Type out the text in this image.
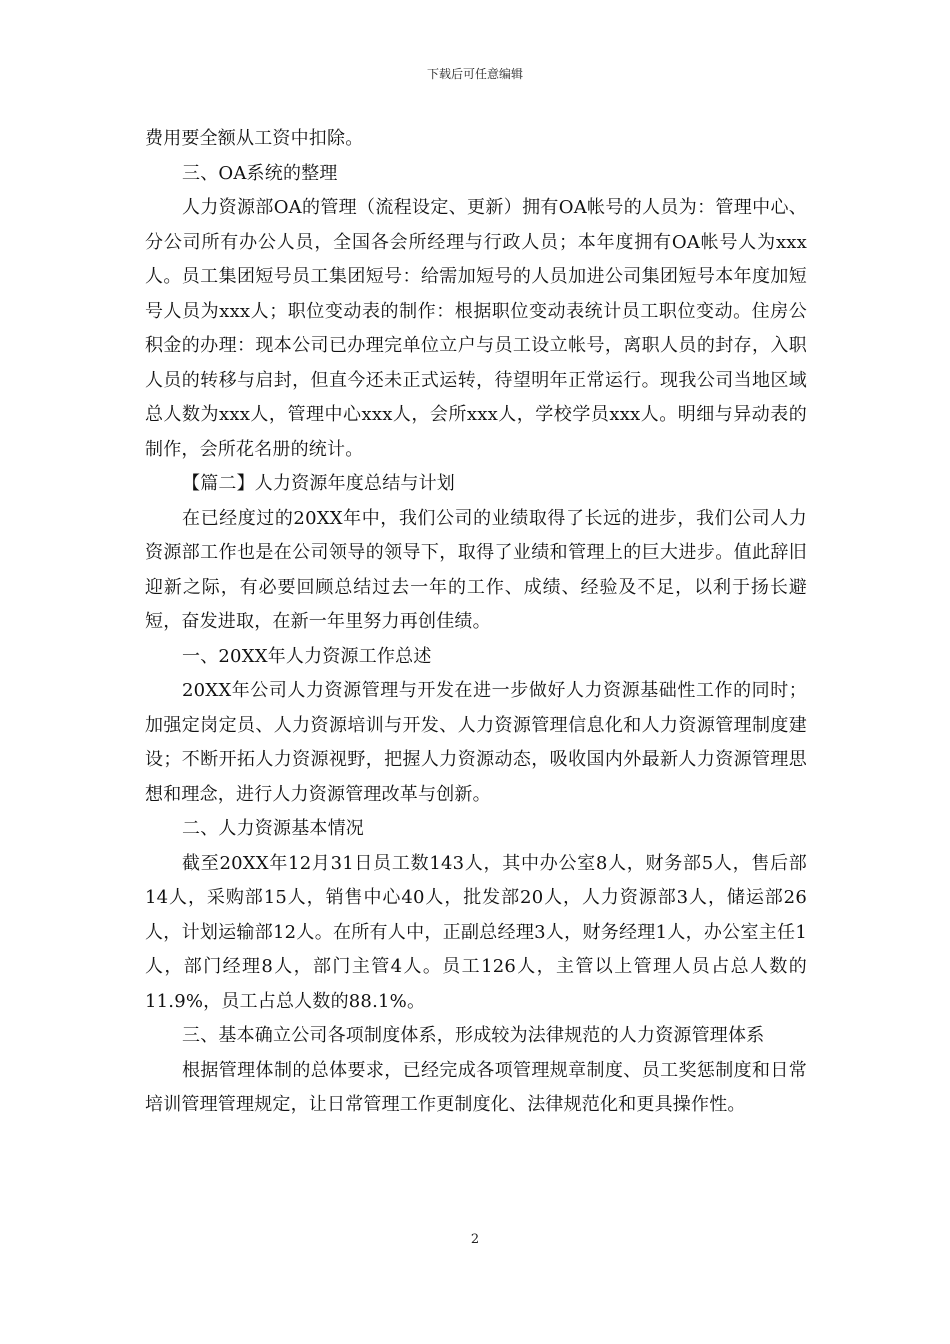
下载后可任意编辑

费用要全额从工资中扣除。

三、OA系统的整理

人力资源部OA的管理（流程设定、更新）拥有OA帐号的人员为：管理中心、分公司所有办公人员，全国各会所经理与行政人员；本年度拥有OA帐号人为xxx人。员工集团短号员工集团短号：给需加短号的人员加进公司集团短号本年度加短号人员为xxx人；职位变动表的制作：根据职位变动表统计员工职位变动。住房公积金的办理：现本公司已办理完单位立户与员工设立帐号，离职人员的封存，入职人员的转移与启封，但直今还未正式运转，待望明年正常运行。现我公司当地区域总人数为xxx人，管理中心xxx人，会所xxx人，学校学员xxx人。明细与异动表的制作，会所花名册的统计。

【篇二】人力资源年度总结与计划

在已经度过的20XX年中，我们公司的业绩取得了长远的进步，我们公司人力资源部工作也是在公司领导的领导下，取得了业绩和管理上的巨大进步。值此辞旧迎新之际，有必要回顾总结过去一年的工作、成绩、经验及不足，以利于扬长避短，奋发进取，在新一年里努力再创佳绩。

一、20XX年人力资源工作总述

20XX年公司人力资源管理与开发在进一步做好人力资源基础性工作的同时；加强定岗定员、人力资源培训与开发、人力资源管理信息化和人力资源管理制度建设；不断开拓人力资源视野，把握人力资源动态，吸收国内外最新人力资源管理思想和理念，进行人力资源管理改革与创新。

二、人力资源基本情况

截至20XX年12月31日员工数143人，其中办公室8人，财务部5人，售后部14人，采购部15人，销售中心40人，批发部20人，人力资源部3人，储运部26人，计划运输部12人。在所有人中，正副总经理3人，财务经理1人，办公室主任1人，部门经理8人，部门主管4人。员工126人，主管以上管理人员占总人数的11.9%，员工占总人数的88.1%。

三、基本确立公司各项制度体系，形成较为法律规范的人力资源管理体系

根据管理体制的总体要求，已经完成各项管理规章制度、员工奖惩制度和日常培训管理管理规定，让日常管理工作更制度化、法律规范化和更具操作性。

2
